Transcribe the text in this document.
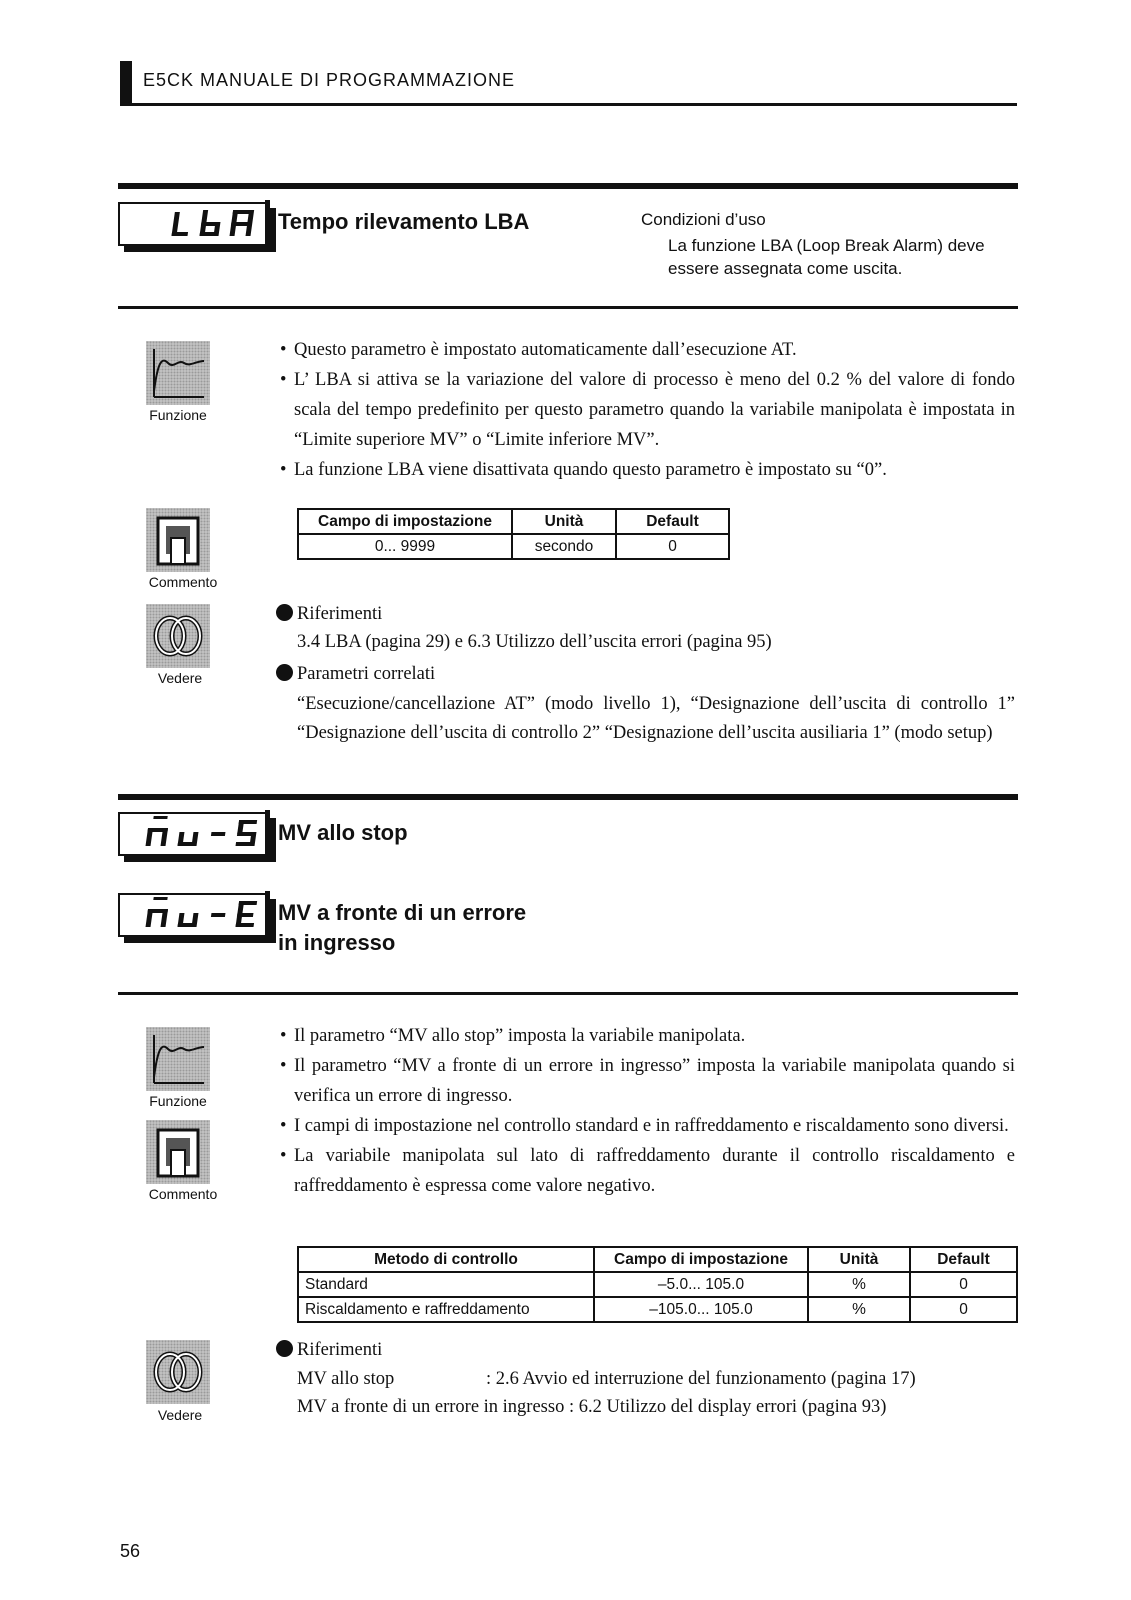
E5CK MANUALE DI PROGRAMMAZIONE
Tempo rilevamento LBA	Condizioni d’uso
La funzione LBA (Loop Break Alarm) deve essere assegnata come uscita.
Funzione
Commento
Vedere
• Questo parametro è impostato automaticamente dall’esecuzione AT.
• L’ LBA si attiva se la variazione del valore di processo è meno del 0.2 % del valore di fondo scala del tempo predefinito per questo parametro quando la variabile manipolata è impostata in “Limite superiore MV” o “Limite inferiore MV”.
• La funzione LBA viene disattivata quando questo parametro è impostato su “0”.
Campo di impostazione	Unità	Default
0... 9999	secondo	0
Riferimenti
3.4 LBA (pagina 29) e 6.3 Utilizzo dell’uscita errori (pagina 95)
Parametri correlati
“Esecuzione/cancellazione AT” (modo livello 1), “Designazione dell’uscita di controllo 1” “Designazione dell’uscita di controllo 2” “Designazione dell’uscita ausiliaria 1” (modo setup)
MV allo stop
MV a fronte di un errore
in ingresso
Funzione
Commento
Vedere
• Il parametro “MV allo stop” imposta la variabile manipolata.
• Il parametro “MV a fronte di un errore in ingresso” imposta la variabile manipolata quando si verifica un errore di ingresso.
• I campi di impostazione nel controllo standard e in raffreddamento e riscaldamento sono diversi.
• La variabile manipolata sul lato di raffreddamento durante il controllo riscaldamento e raffreddamento è espressa come valore negativo.
Metodo di controllo	Campo di impostazione	Unità	Default
Standard	–5.0... 105.0	%	0
Riscaldamento e raffreddamento	–105.0... 105.0	%	0
Riferimenti
MV allo stop	: 2.6 Avvio ed interruzione del funzionamento (pagina 17)
MV a fronte di un errore in ingresso : 6.2 Utilizzo del display errori (pagina 93)
56
